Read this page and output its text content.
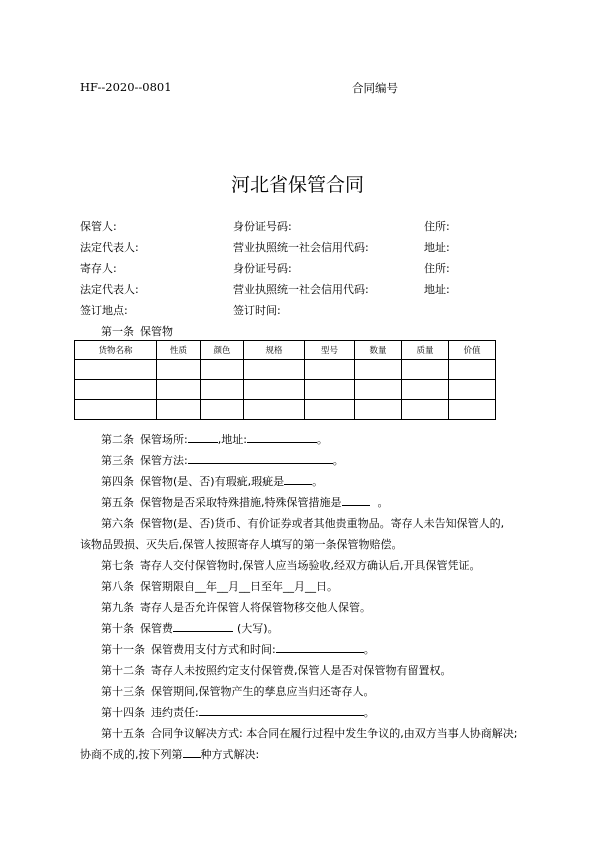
HF--2020--0801	合同编号
河北省保管合同
保管人:	身份证号码:	住所:
法定代表人:	营业执照统一社会信用代码:	地址:
寄存人:	身份证号码:	住所:
法定代表人:	营业执照统一社会信用代码:	地址:
签订地点:	签订时间:
第一条 保管物
货物名称	性质	颜色	规格	型号	数量	质量	价值

第二条 保管场所:	,地址:	。
第三条 保管方法:	。
第四条 保管物(是、否)有瑕疵,瑕疵是	。
第五条 保管物是否采取特殊措施,特殊保管措施是	。
第六条 保管物(是、否)货币、有价证券或者其他贵重物品。寄存人未告知保管人的,
该物品毁损、灭失后,保管人按照寄存人填写的第一条保管物赔偿。
第七条 寄存人交付保管物时,保管人应当场验收,经双方确认后,开具保管凭证。
第八条 保管期限自__年__月__日至年__月__日。
第九条 寄存人是否允许保管人将保管物移交他人保管。
第十条 保管费	(大写)。
第十一条 保管费用支付方式和时间:	。
第十二条 寄存人未按照约定支付保管费,保管人是否对保管物有留置权。
第十三条 保管期间,保管物产生的孳息应当归还寄存人。
第十四条 违约责任:	。
第十五条 合同争议解决方式: 本合同在履行过程中发生争议的,由双方当事人协商解决;
协商不成的,按下列第 种方式解决:
